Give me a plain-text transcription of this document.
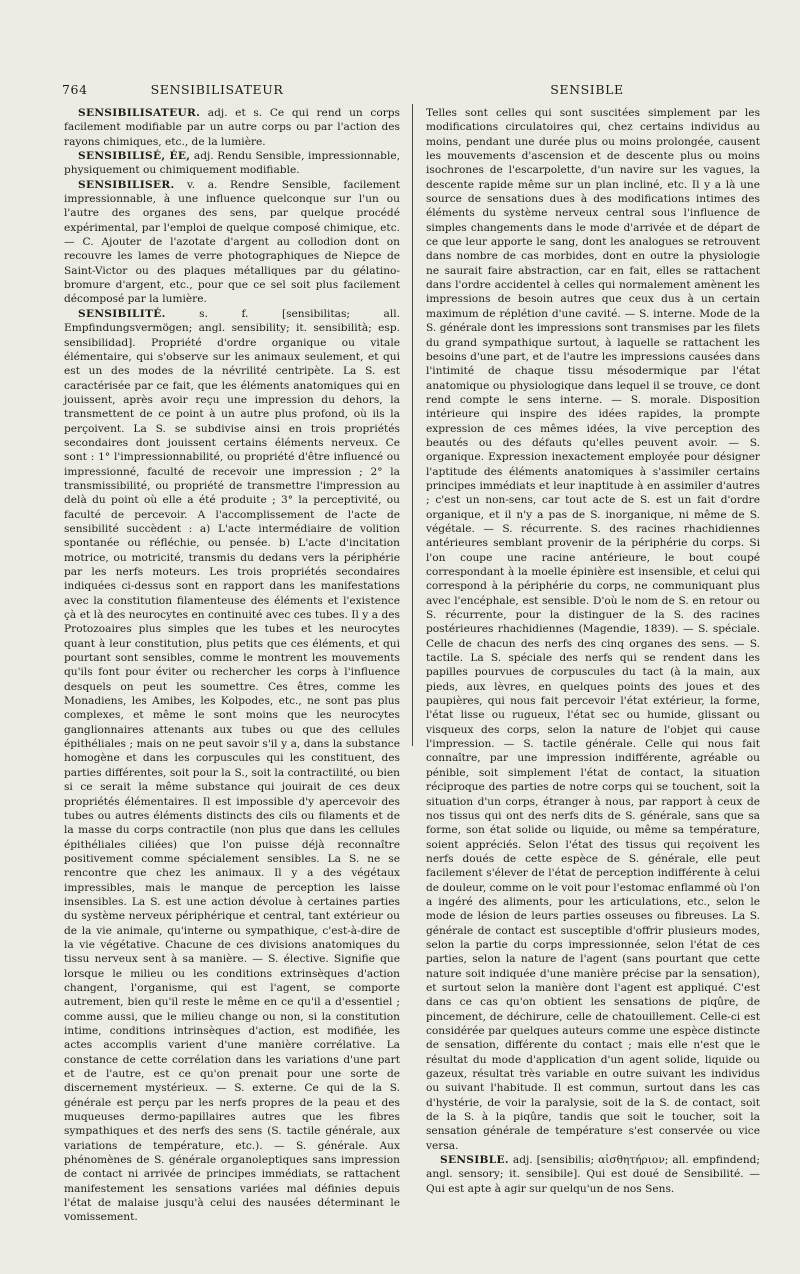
764	SENSIBILISATEUR	SENSIBLE

SENSIBILISATEUR. adj. et s. Ce qui rend un corps facilement modifiable par un autre corps ou par l'action des rayons chimiques, etc., de la lumière.

SENSIBILISÉ, ÉE, adj. Rendu Sensible, impressionnable, physiquement ou chimiquement modifiable.

SENSIBILISER. v. a. Rendre Sensible, facilement impressionnable, à une influence quelconque sur l'un ou l'autre des organes des sens, par quelque procédé expérimental, par l'emploi de quelque composé chimique, etc. — C. Ajouter de l'azotate d'argent au collodion dont on recouvre les lames de verre photographiques de Niepce de Saint-Victor ou des plaques métalliques par du gélatino-bromure d'argent, etc., pour que ce sel soit plus facilement décomposé par la lumière.

SENSIBILITÉ. s. f. [sensibilitas; all. Empfindungsvermögen; angl. sensibility; it. sensibilità; esp. sensibilidad]. Propriété d'ordre organique ou vitale élémentaire, qui s'observe sur les animaux seulement, et qui est un des modes de la névrilité centripète. La S. est caractérisée par ce fait, que les éléments anatomiques qui en jouissent, après avoir reçu une impression du dehors, la transmettent de ce point à un autre plus profond, où ils la perçoivent. La S. se subdivise ainsi en trois propriétés secondaires dont jouissent certains éléments nerveux. Ce sont : 1° l'impressionnabilité, ou propriété d'être influencé ou impressionné, faculté de recevoir une impression ; 2° la transmissibilité, ou propriété de transmettre l'impression au delà du point où elle a été produite ; 3° la perceptivité, ou faculté de percevoir. A l'accomplissement de l'acte de sensibilité succèdent : a) L'acte intermédiaire de volition spontanée ou réfléchie, ou pensée. b) L'acte d'incitation motrice, ou motricité, transmis du dedans vers la périphérie par les nerfs moteurs. Les trois propriétés secondaires indiquées ci-dessus sont en rapport dans les manifestations avec la constitution filamenteuse des éléments et l'existence çà et là des neurocytes en continuité avec ces tubes. Il y a des Protozoaires plus simples que les tubes et les neurocytes quant à leur constitution, plus petits que ces éléments, et qui pourtant sont sensibles, comme le montrent les mouvements qu'ils font pour éviter ou rechercher les corps à l'influence desquels on peut les soumettre. Ces êtres, comme les Monadiens, les Amibes, les Kolpodes, etc., ne sont pas plus complexes, et même le sont moins que les neurocytes ganglionnaires attenants aux tubes ou que des cellules épithéliales ; mais on ne peut savoir s'il y a, dans la substance homogène et dans les corpuscules qui les constituent, des parties différentes, soit pour la S., soit la contractilité, ou bien si ce serait la même substance qui jouirait de ces deux propriétés élémentaires. Il est impossible d'y apercevoir des tubes ou autres éléments distincts des cils ou filaments et de la masse du corps contractile (non plus que dans les cellules épithéliales ciliées) que l'on puisse déjà reconnaître positivement comme spécialement sensibles. La S. ne se rencontre que chez les animaux. Il y a des végétaux impressibles, mais le manque de perception les laisse insensibles. La S. est une action dévolue à certaines parties du système nerveux périphérique et central, tant extérieur ou de la vie animale, qu'interne ou sympathique, c'est-à-dire de la vie végétative. Chacune de ces divisions anatomiques du tissu nerveux sent à sa manière. — S. élective. Signifie que lorsque le milieu ou les conditions extrinsèques d'action changent, l'organisme, qui est l'agent, se comporte autrement, bien qu'il reste le même en ce qu'il a d'essentiel ; comme aussi, que le milieu change ou non, si la constitution intime, conditions intrinsèques d'action, est modifiée, les actes accomplis varient d'une manière corrélative. La constance de cette corrélation dans les variations d'une part et de l'autre, est ce qu'on prenait pour une sorte de discernement mystérieux. — S. externe. Ce qui de la S. générale est perçu par les nerfs propres de la peau et des muqueuses dermo-papillaires autres que les fibres sympathiques et des nerfs des sens (S. tactile générale, aux variations de température, etc.). — S. générale. Aux phénomènes de S. générale organoleptiques sans impression de contact ni arrivée de principes immédiats, se rattachent manifestement les sensations variées mal définies depuis l'état de malaise jusqu'à celui des nausées déterminant le vomissement.

Telles sont celles qui sont suscitées simplement par les modifications circulatoires qui, chez certains individus au moins, pendant une durée plus ou moins prolongée, causent les mouvements d'ascension et de descente plus ou moins isochrones de l'escarpolette, d'un navire sur les vagues, la descente rapide même sur un plan incliné, etc. Il y a là une source de sensations dues à des modifications intimes des éléments du système nerveux central sous l'influence de simples changements dans le mode d'arrivée et de départ de ce que leur apporte le sang, dont les analogues se retrouvent dans nombre de cas morbides, dont en outre la physiologie ne saurait faire abstraction, car en fait, elles se rattachent dans l'ordre accidentel à celles qui normalement amènent les impressions de besoin autres que ceux dus à un certain maximum de réplétion d'une cavité. — S. interne. Mode de la S. générale dont les impressions sont transmises par les filets du grand sympathique surtout, à laquelle se rattachent les besoins d'une part, et de l'autre les impressions causées dans l'intimité de chaque tissu mésodermique par l'état anatomique ou physiologique dans lequel il se trouve, ce dont rend compte le sens interne. — S. morale. Disposition intérieure qui inspire des idées rapides, la prompte expression de ces mêmes idées, la vive perception des beautés ou des défauts qu'elles peuvent avoir. — S. organique. Expression inexactement employée pour désigner l'aptitude des éléments anatomiques à s'assimiler certains principes immédiats et leur inaptitude à en assimiler d'autres ; c'est un non-sens, car tout acte de S. est un fait d'ordre organique, et il n'y a pas de S. inorganique, ni même de S. végétale. — S. récurrente. S. des racines rhachidiennes antérieures semblant provenir de la périphérie du corps. Si l'on coupe une racine antérieure, le bout coupé correspondant à la moelle épinière est insensible, et celui qui correspond à la périphérie du corps, ne communiquant plus avec l'encéphale, est sensible. D'où le nom de S. en retour ou S. récurrente, pour la distinguer de la S. des racines postérieures rhachidiennes (Magendie, 1839). — S. spéciale. Celle de chacun des nerfs des cinq organes des sens. — S. tactile. La S. spéciale des nerfs qui se rendent dans les papilles pourvues de corpuscules du tact (à la main, aux pieds, aux lèvres, en quelques points des joues et des paupières, qui nous fait percevoir l'état extérieur, la forme, l'état lisse ou rugueux, l'état sec ou humide, glissant ou visqueux des corps, selon la nature de l'objet qui cause l'impression. — S. tactile générale. Celle qui nous fait connaître, par une impression indifférente, agréable ou pénible, soit simplement l'état de contact, la situation réciproque des parties de notre corps qui se touchent, soit la situation d'un corps, étranger à nous, par rapport à ceux de nos tissus qui ont des nerfs dits de S. générale, sans que sa forme, son état solide ou liquide, ou même sa température, soient appréciés. Selon l'état des tissus qui reçoivent les nerfs doués de cette espèce de S. générale, elle peut facilement s'élever de l'état de perception indifférente à celui de douleur, comme on le voit pour l'estomac enflammé où l'on a ingéré des aliments, pour les articulations, etc., selon le mode de lésion de leurs parties osseuses ou fibreuses. La S. générale de contact est susceptible d'offrir plusieurs modes, selon la partie du corps impressionnée, selon l'état de ces parties, selon la nature de l'agent (sans pourtant que cette nature soit indiquée d'une manière précise par la sensation), et surtout selon la manière dont l'agent est appliqué. C'est dans ce cas qu'on obtient les sensations de piqûre, de pincement, de déchirure, celle de chatouillement. Celle-ci est considérée par quelques auteurs comme une espèce distincte de sensation, différente du contact ; mais elle n'est que le résultat du mode d'application d'un agent solide, liquide ou gazeux, résultat très variable en outre suivant les individus ou suivant l'habitude. Il est commun, surtout dans les cas d'hystérie, de voir la paralysie, soit de la S. de contact, soit de la S. à la piqûre, tandis que soit le toucher, soit la sensation générale de température s'est conservée ou vice versa.

SENSIBLE. adj. [sensibilis; αἰσθητήριον; all. empfindend; angl. sensory; it. sensibile]. Qui est doué de Sensibilité. — Qui est apte à agir sur quelqu'un de nos Sens.
